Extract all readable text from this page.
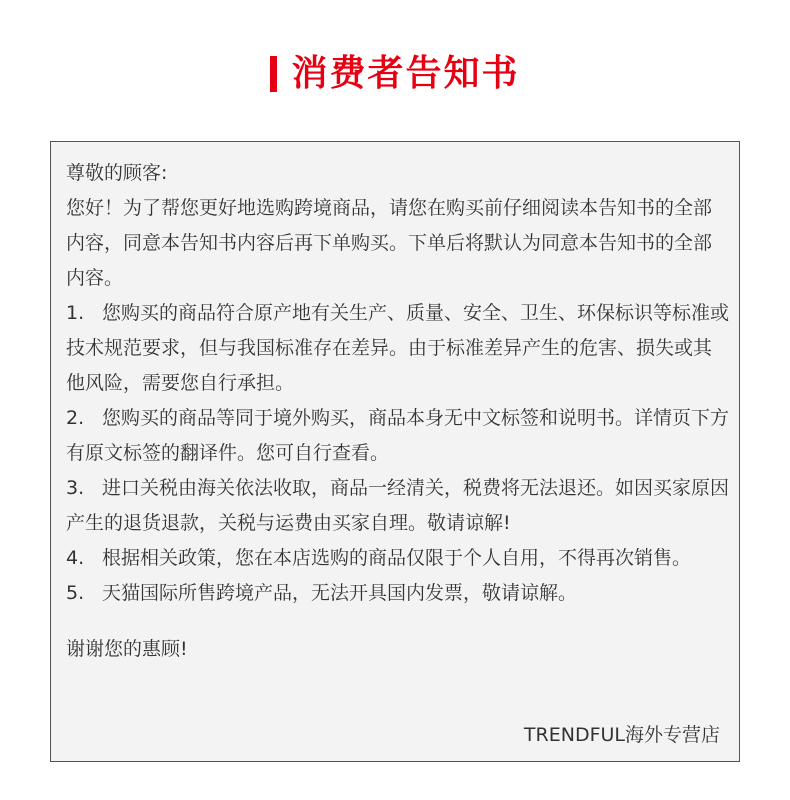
消费者告知书

尊敬的顾客:

您好！为了帮您更好地选购跨境商品，请您在购买前仔细阅读本告知书的全部内容，同意本告知书内容后再下单购买。下单后将默认为同意本告知书的全部内容。

1. 您购买的商品符合原产地有关生产、质量、安全、卫生、环保标识等标准或技术规范要求，但与我国标准存在差异。由于标准差异产生的危害、损失或其他风险，需要您自行承担。

2. 您购买的商品等同于境外购买，商品本身无中文标签和说明书。详情页下方有原文标签的翻译件。您可自行查看。

3. 进口关税由海关依法收取，商品一经清关，税费将无法退还。如因买家原因产生的退货退款，关税与运费由买家自理。敬请谅解!

4. 根据相关政策，您在本店选购的商品仅限于个人自用，不得再次销售。

5. 天猫国际所售跨境产品，无法开具国内发票，敬请谅解。

谢谢您的惠顾!

TRENDFUL海外专营店
